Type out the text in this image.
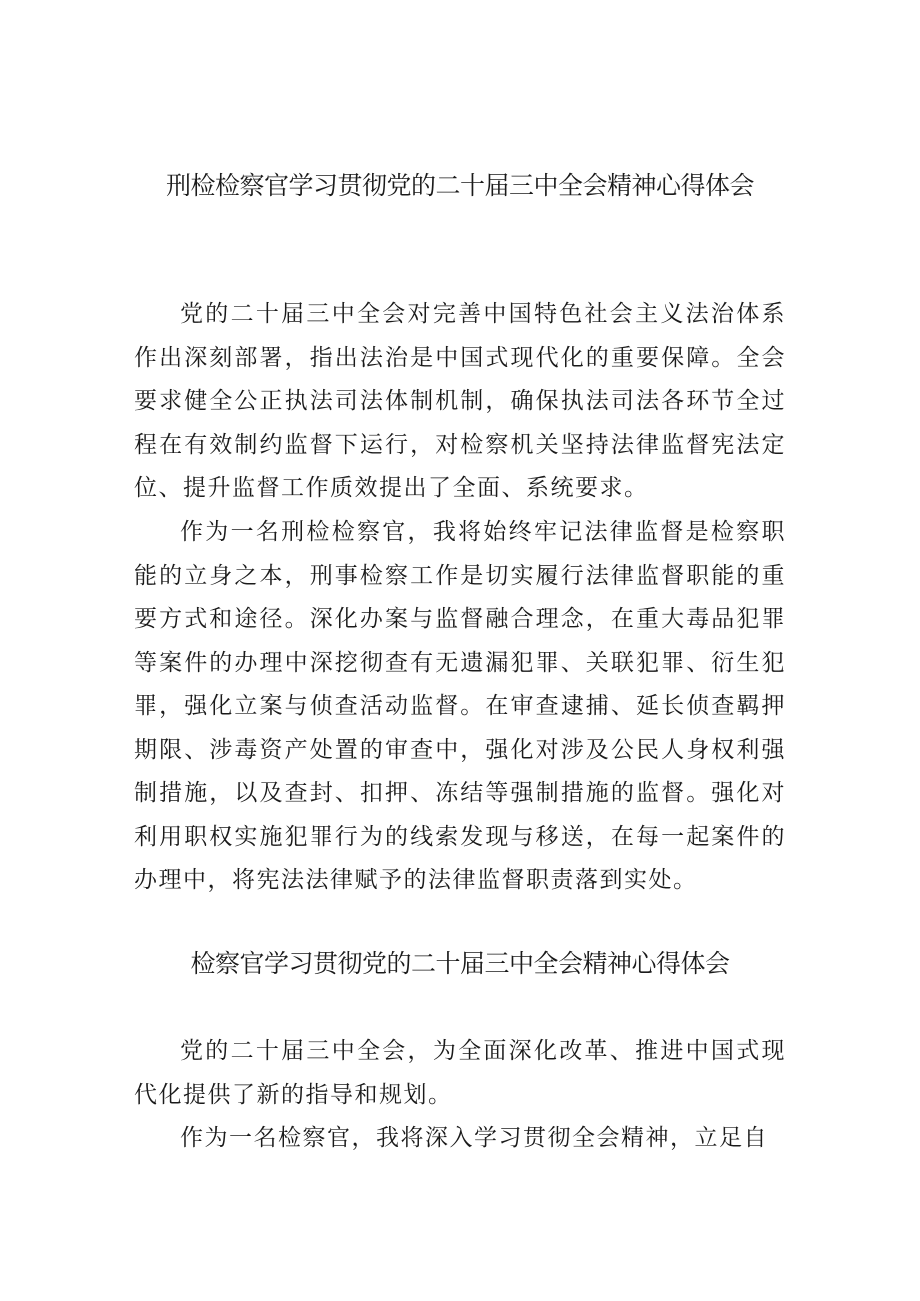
刑检检察官学习贯彻党的二十届三中全会精神心得体会

党的二十届三中全会对完善中国特色社会主义法治体系作出深刻部署，指出法治是中国式现代化的重要保障。全会要求健全公正执法司法体制机制，确保执法司法各环节全过程在有效制约监督下运行，对检察机关坚持法律监督宪法定位、提升监督工作质效提出了全面、系统要求。

作为一名刑检检察官，我将始终牢记法律监督是检察职能的立身之本，刑事检察工作是切实履行法律监督职能的重要方式和途径。深化办案与监督融合理念，在重大毒品犯罪等案件的办理中深挖彻查有无遗漏犯罪、关联犯罪、衍生犯罪，强化立案与侦查活动监督。在审查逮捕、延长侦查羁押期限、涉毒资产处置的审查中，强化对涉及公民人身权利强制措施，以及查封、扣押、冻结等强制措施的监督。强化对利用职权实施犯罪行为的线索发现与移送，在每一起案件的办理中，将宪法法律赋予的法律监督职责落到实处。

检察官学习贯彻党的二十届三中全会精神心得体会

党的二十届三中全会，为全面深化改革、推进中国式现代化提供了新的指导和规划。

作为一名检察官，我将深入学习贯彻全会精神，立足自
